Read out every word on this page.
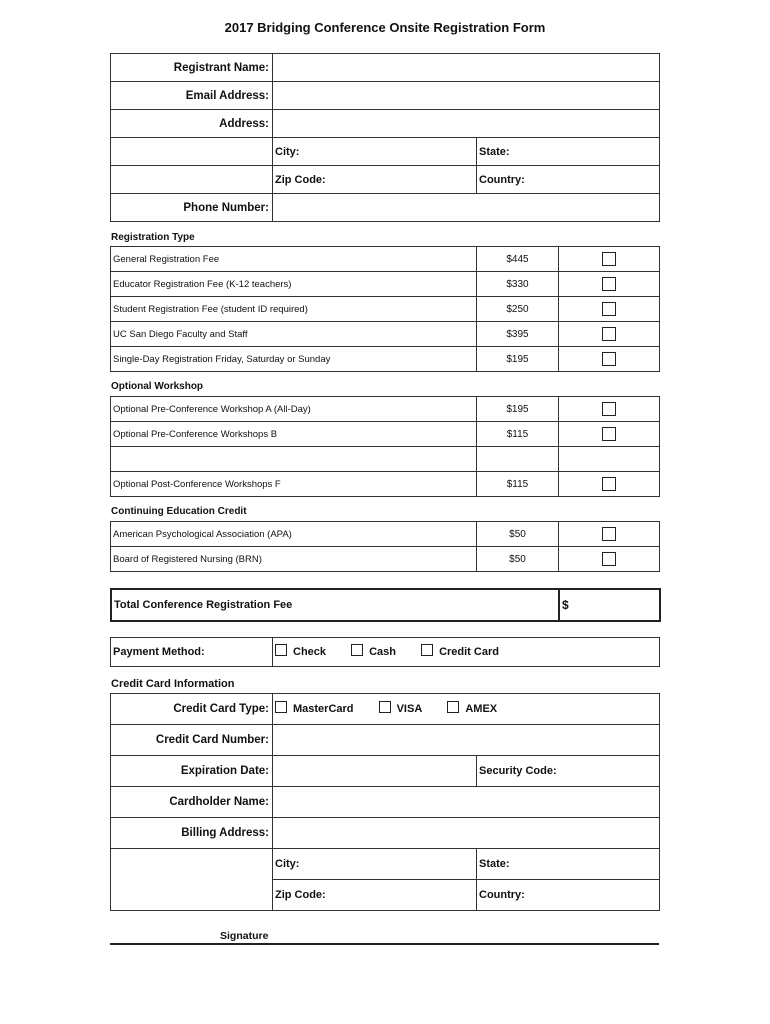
2017 Bridging Conference Onsite Registration Form
Registrant Name:		
Email Address:		
Address:		
	City:	State:
	Zip Code:	Country:
Phone Number:		
Registration Type
General Registration Fee	$445	
Educator Registration Fee (K-12 teachers)	$330	
Student Registration Fee (student ID required)	$250	
UC San Diego Faculty and Staff	$395	
Single-Day Registration Friday, Saturday or Sunday	$195	
Optional Workshop
Optional Pre-Conference Workshop A (All-Day)	$195	
Optional Pre-Conference Workshops B	$115	

Optional Post-Conference Workshops F	$115	
Continuing Education Credit
American Psychological Association (APA)	$50	
Board of Registered Nursing (BRN)	$50	
Total Conference Registration Fee	$
Payment Method:	Check	Cash	Credit Card
Credit Card Information
Credit Card Type:	MasterCard VISA AMEX	
Credit Card Number:		
Expiration Date:		Security Code:
Cardholder Name:		
Billing Address:		
	City:	State:
	Zip Code:	Country:
Signature
